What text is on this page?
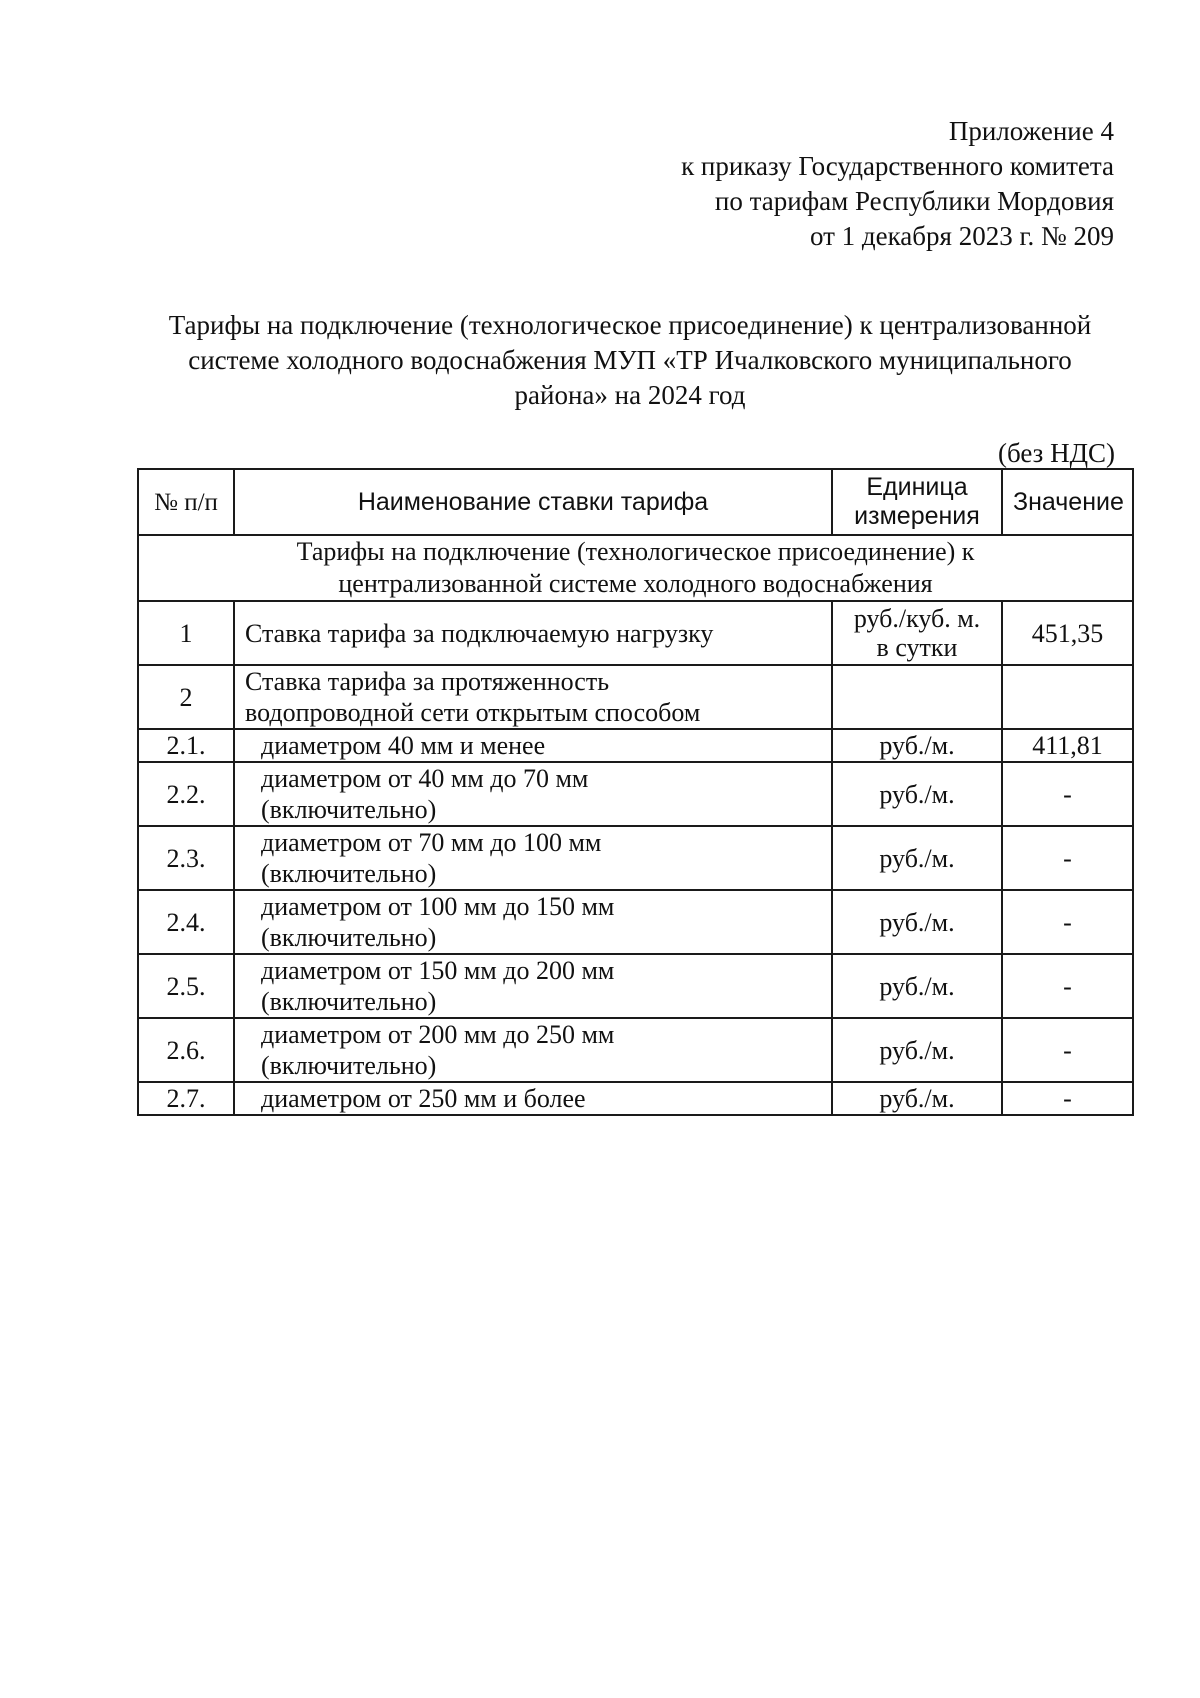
Приложение 4
к приказу Государственного комитета
по тарифам Республики Мордовия
от 1 декабря 2023 г. № 209
Тарифы на подключение (технологическое присоединение) к централизованной
системе холодного водоснабжения МУП «ТР Ичалковского муниципального
района» на 2024 год
(без НДС)
№ п/п	Наименование ставки тарифа	Единица
измерения	Значение

Тарифы на подключение (технологическое присоединение) к
централизованной системе холодного водоснабжения			

1	Ставка тарифа за подключаемую нагрузку	руб./куб. м.
в сутки	451,35
2	Ставка тарифа за протяженность
водопроводной сети открытым способом		

2.1.	диаметром 40 мм и менее	руб./м.	411,81
2.2.	диаметром от 40 мм до 70 мм
(включительно)	руб./м.	-
2.3.	диаметром от 70 мм до 100 мм
(включительно)	руб./м.	-
2.4.	диаметром от 100 мм до 150 мм
(включительно)	руб./м.	-
2.5.	диаметром от 150 мм до 200 мм
(включительно)	руб./м.	-
2.6.	диаметром от 200 мм до 250 мм
(включительно)	руб./м.	-
2.7.	диаметром от 250 мм и более	руб./м.	-
